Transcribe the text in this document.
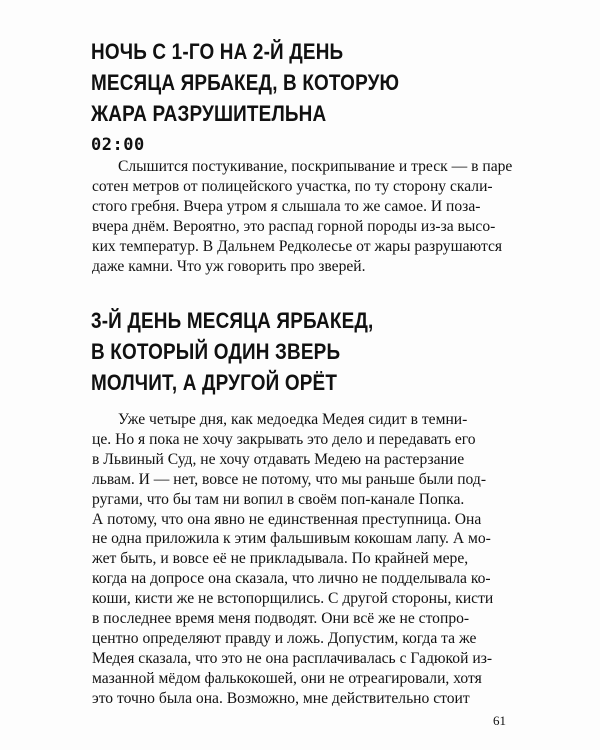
НОЧЬ С 1-ГО НА 2-Й ДЕНЬ
МЕСЯЦА ЯРБАКЕД, В КОТОРУЮ
ЖАРА РАЗРУШИТЕЛЬНА
02:00

Слышится постукивание, поскрипывание и треск — в паре
сотен метров от полицейского участка, по ту сторону скали-
стого гребня. Вчера утром я слышала то же самое. И поза-
вчера днём. Вероятно, это распад горной породы из-за высо-
ких температур. В Дальнем Редколесье от жары разрушаются
даже камни. Что уж говорить про зверей.

3-Й ДЕНЬ МЕСЯЦА ЯРБАКЕД,
В КОТОРЫЙ ОДИН ЗВЕРЬ
МОЛЧИТ, А ДРУГОЙ ОРЁТ

Уже четыре дня, как медоедка Медея сидит в темни-
це. Но я пока не хочу закрывать это дело и передавать его
в Львиный Суд, не хочу отдавать Медею на растерзание
львам. И — нет, вовсе не потому, что мы раньше были под-
ругами, что бы там ни вопил в своём поп-канале Попка.
А потому, что она явно не единственная преступница. Она
не одна приложила к этим фальшивым кокошам лапу. А мо-
жет быть, и вовсе её не прикладывала. По крайней мере,
когда на допросе она сказала, что лично не подделывала ко-
коши, кисти же не встопорщились. С другой стороны, кисти
в последнее время меня подводят. Они всё же не стопро-
центно определяют правду и ложь. Допустим, когда та же
Медея сказала, что это не она расплачивалась с Гадюкой из-
мазанной мёдом фалькокошей, они не отреагировали, хотя
это точно была она. Возможно, мне действительно стоит

61
